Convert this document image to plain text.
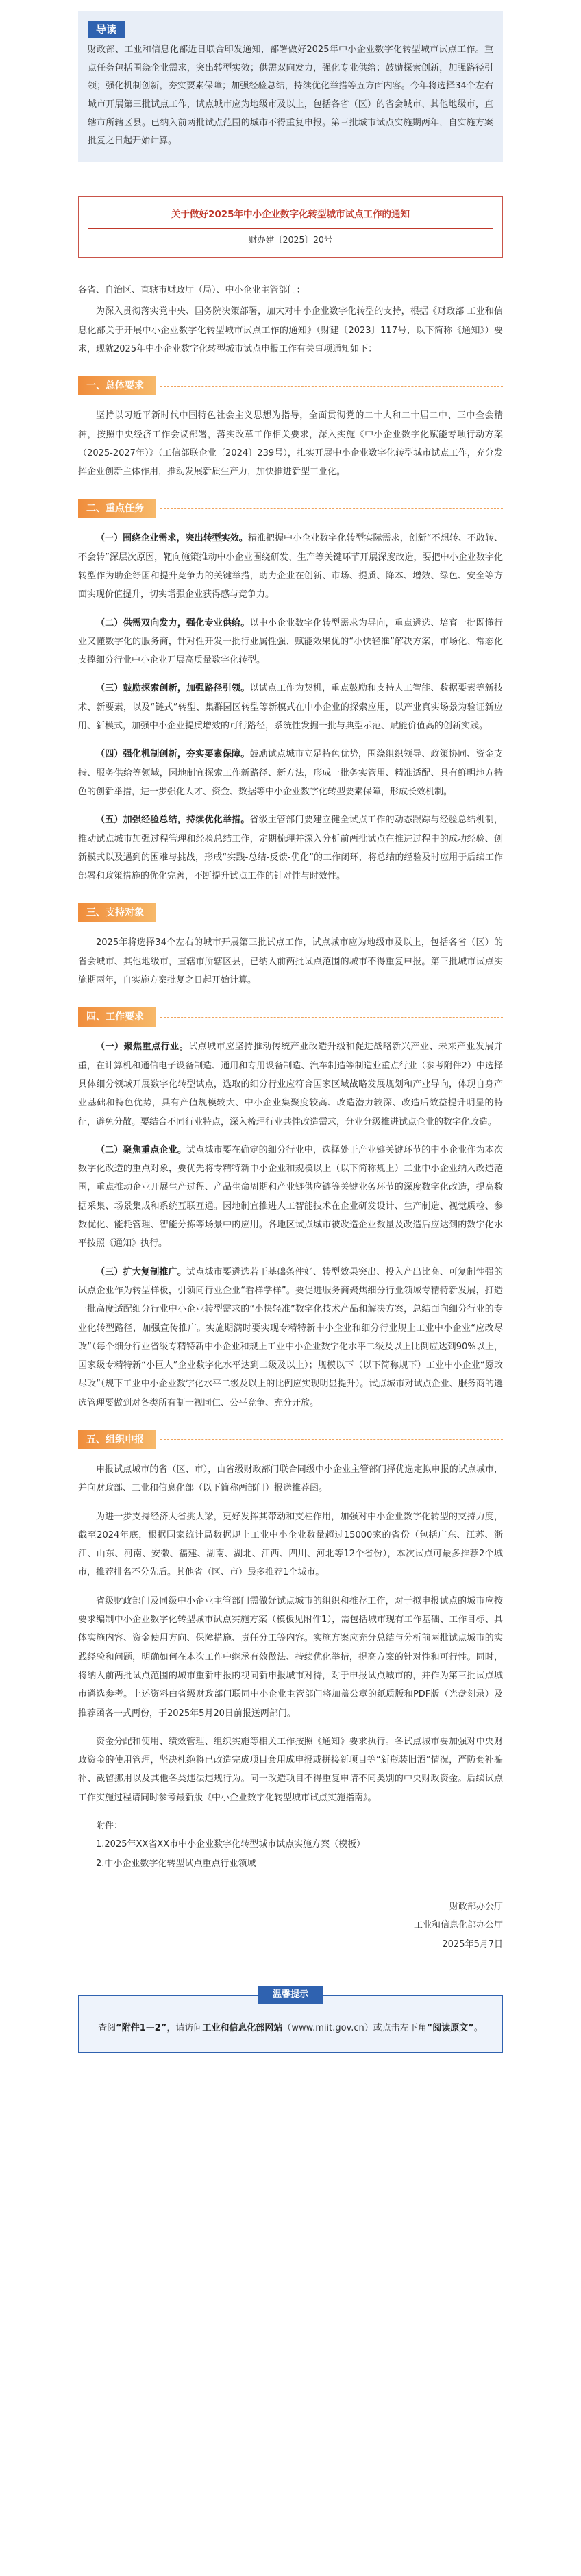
导读

财政部、工业和信息化部近日联合印发通知，部署做好2025年中小企业数字化转型城市试点工作。重点任务包括围绕企业需求，突出转型实效；供需双向发力，强化专业供给；鼓励探索创新，加强路径引领；强化机制创新，夯实要素保障；加强经验总结，持续优化举措等五方面内容。今年将选择34个左右城市开展第三批试点工作，试点城市应为地级市及以上，包括各省（区）的省会城市、其他地级市，直辖市所辖区县。已纳入前两批试点范围的城市不得重复申报。第三批城市试点实施期两年，自实施方案批复之日起开始计算。

关于做好2025年中小企业数字化转型城市试点工作的通知
财办建〔2025〕20号

各省、自治区、直辖市财政厅（局）、中小企业主管部门：

为深入贯彻落实党中央、国务院决策部署，加大对中小企业数字化转型的支持，根据《财政部 工业和信息化部关于开展中小企业数字化转型城市试点工作的通知》（财建〔2023〕117号，以下简称《通知》）要求，现就2025年中小企业数字化转型城市试点申报工作有关事项通知如下：

一、总体要求

坚持以习近平新时代中国特色社会主义思想为指导，全面贯彻党的二十大和二十届二中、三中全会精神，按照中央经济工作会议部署，落实改革工作相关要求，深入实施《中小企业数字化赋能专项行动方案（2025-2027年）》（工信部联企业〔2024〕239号），扎实开展中小企业数字化转型城市试点工作，充分发挥企业创新主体作用，推动发展新质生产力，加快推进新型工业化。

二、重点任务

（一）围绕企业需求，突出转型实效。精准把握中小企业数字化转型实际需求，创新“不想转、不敢转、不会转”深层次原因，靶向施策推动中小企业围绕研发、生产等关键环节开展深度改造，要把中小企业数字化转型作为助企纾困和提升竞争力的关键举措，助力企业在创新、市场、提质、降本、增效、绿色、安全等方面实现价值提升，切实增强企业获得感与竞争力。

（二）供需双向发力，强化专业供给。以中小企业数字化转型需求为导向，重点遴选、培育一批既懂行业又懂数字化的服务商，针对性开发一批行业属性强、赋能效果优的“小快轻准”解决方案，市场化、常态化支撑细分行业中小企业开展高质量数字化转型。

（三）鼓励探索创新，加强路径引领。以试点工作为契机，重点鼓励和支持人工智能、数据要素等新技术、新要素，以及“链式”转型、集群园区转型等新模式在中小企业的探索应用，以产业真实场景为验证新应用、新模式，加强中小企业提质增效的可行路径，系统性发掘一批与典型示范、赋能价值高的创新实践。

（四）强化机制创新，夯实要素保障。鼓励试点城市立足特色优势，围绕组织领导、政策协同、资金支持、服务供给等领域，因地制宜探索工作新路径、新方法，形成一批务实管用、精准适配、具有鲜明地方特色的创新举措，进一步强化人才、资金、数据等中小企业数字化转型要素保障，形成长效机制。

（五）加强经验总结，持续优化举措。省级主管部门要建立健全试点工作的动态跟踪与经验总结机制，推动试点城市加强过程管理和经验总结工作，定期梳理并深入分析前两批试点在推进过程中的成功经验、创新模式以及遇到的困难与挑战，形成“实践-总结-反馈-优化”的工作闭环，将总结的经验及时应用于后续工作部署和政策措施的优化完善，不断提升试点工作的针对性与时效性。

三、支持对象

2025年将选择34个左右的城市开展第三批试点工作，试点城市应为地级市及以上，包括各省（区）的省会城市、其他地级市，直辖市所辖区县，已纳入前两批试点范围的城市不得重复申报。第三批城市试点实施期两年，自实施方案批复之日起开始计算。

四、工作要求

（一）聚焦重点行业。试点城市应坚持推动传统产业改造升级和促进战略新兴产业、未来产业发展并重，在计算机和通信电子设备制造、通用和专用设备制造、汽车制造等制造业重点行业（参考附件2）中选择具体细分领域开展数字化转型试点，选取的细分行业应符合国家区域战略发展规划和产业导向，体现自身产业基础和特色优势，具有产值规模较大、中小企业集聚度较高、改造潜力较深、改造后效益提升明显的特征，避免分散。要结合不同行业特点，深入梳理行业共性改造需求，分业分级推进试点企业的数字化改造。

（二）聚焦重点企业。试点城市要在确定的细分行业中，选择处于产业链关键环节的中小企业作为本次数字化改造的重点对象，要优先将专精特新中小企业和规模以上（以下简称规上）工业中小企业纳入改造范围，重点推动企业开展生产过程、产品生命周期和产业链供应链等关键业务环节的深度数字化改造，提高数据采集、场景集成和系统互联互通。因地制宜推进人工智能技术在企业研发设计、生产制造、视觉质检、参数优化、能耗管理、智能分拣等场景中的应用。各地区试点城市被改造企业数量及改造后应达到的数字化水平按照《通知》执行。

（三）扩大复制推广。试点城市要遴选若干基础条件好、转型效果突出、投入产出比高、可复制性强的试点企业作为转型样板，引领同行业企业“看样学样”。要促进服务商聚焦细分行业领域专精特新发展，打造一批高度适配细分行业中小企业转型需求的“小快轻准”数字化技术产品和解决方案，总结面向细分行业的专业化转型路径，加强宣传推广。实施期满时要实现专精特新中小企业和细分行业规上工业中小企业“应改尽改”（每个细分行业省级专精特新中小企业和规上工业中小企业数字化水平二级及以上比例应达到90%以上，国家级专精特新“小巨人”企业数字化水平达到二级及以上）；规模以下（以下简称规下）工业中小企业“愿改尽改”（规下工业中小企业数字化水平二级及以上的比例应实现明显提升）。试点城市对试点企业、服务商的遴选管理要做到对各类所有制一视同仁、公平竞争、充分开放。

五、组织申报

申报试点城市的省（区、市），由省级财政部门联合同级中小企业主管部门择优选定拟申报的试点城市，并向财政部、工业和信息化部（以下简称两部门）报送推荐函。

为进一步支持经济大省挑大梁，更好发挥其带动和支柱作用，加强对中小企业数字化转型的支持力度，截至2024年底，根据国家统计局数据规上工业中小企业数量超过15000家的省份（包括广东、江苏、浙江、山东、河南、安徽、福建、湖南、湖北、江西、四川、河北等12个省份），本次试点可最多推荐2个城市，推荐排名不分先后。其他省（区、市）最多推荐1个城市。

省级财政部门及同级中小企业主管部门需做好试点城市的组织和推荐工作，对于拟申报试点的城市应按要求编制中小企业数字化转型城市试点实施方案（模板见附件1），需包括城市现有工作基础、工作目标、具体实施内容、资金使用方向、保障措施、责任分工等内容。实施方案应充分总结与分析前两批试点城市的实践经验和问题，明确如何在本次工作中继承有效做法、持续优化举措，提高方案的针对性和可行性。同时，将纳入前两批试点范围的城市重新申报的视同新申报城市对待，对于申报试点城市的，并作为第三批试点城市遴选参考。上述资料由省级财政部门联同中小企业主管部门将加盖公章的纸质版和PDF版（光盘刻录）及推荐函各一式两份，于2025年5月20日前报送两部门。

资金分配和使用、绩效管理、组织实施等相关工作按照《通知》要求执行。各试点城市要加强对中央财政资金的使用管理，坚决杜绝将已改造完成项目套用成申报或拼接新项目等“新瓶装旧酒”情况，严防套补骗补、截留挪用以及其他各类违法违规行为。同一改造项目不得重复申请不同类别的中央财政资金。后续试点工作实施过程请同时参考最新版《中小企业数字化转型城市试点实施指南》。

附件：

1.2025年XX省XX市中小企业数字化转型城市试点实施方案（模板）

2.中小企业数字化转型试点重点行业领域

财政部办公厅
工业和信息化部办公厅
2025年5月7日
温馨提示

查阅“附件1—2”，请访问工业和信息化部网站（www.miit.gov.cn）或点击左下角“阅读原文”。
